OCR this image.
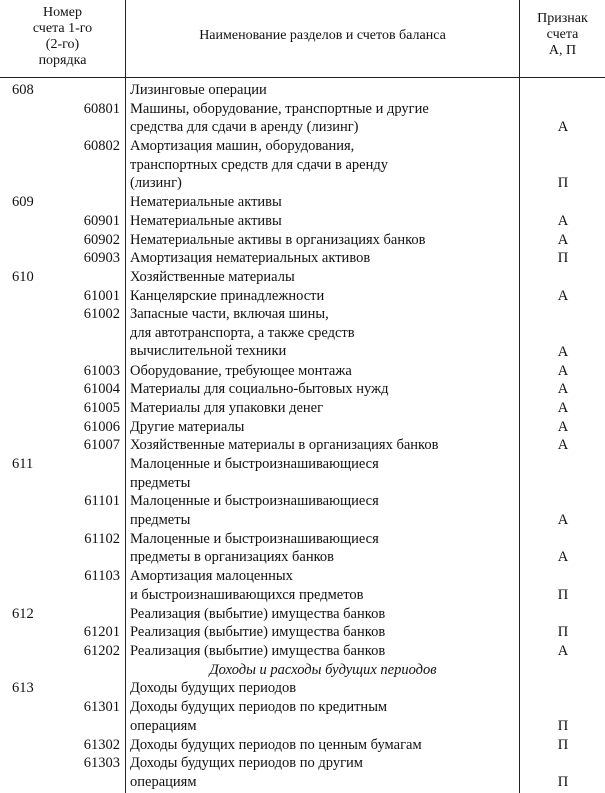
Номер
счета 1-го
(2-го)
порядка
Наименование разделов и счетов баланса
Признак
счета
А, П
608	Лизинговые операции
60801 Машины, оборудование, транспортные и другие
средства для сдачи в аренду (лизинг)	А
60802 Амортизация машин, оборудования,
транспортных средств для сдачи в аренду
(лизинг)	П
609	Нематериальные активы
60901 Нематериальные активы	А
60902 Нематериальные активы в организациях банков	А
60903 Амортизация нематериальных активов	П
610	Хозяйственные материалы
61001 Канцелярские принадлежности	А
61002 Запасные части, включая шины,
для автотранспорта, а также средств
вычислительной техники	А
61003 Оборудование, требующее монтажа	А
61004 Материалы для социально-бытовых нужд	А
61005 Материалы для упаковки денег	А
61006 Другие материалы	А
61007 Хозяйственные материалы в организациях банков	А
611	Малоценные и быстроизнашивающиеся
предметы
61101 Малоценные и быстроизнашивающиеся
предметы	А
61102 Малоценные и быстроизнашивающиеся
предметы в организациях банков	А
61103 Амортизация малоценных
и быстроизнашивающихся предметов	П
612	Реализация (выбытие) имущества банков
61201 Реализация (выбытие) имущества банков	П
61202 Реализация (выбытие) имущества банков	А
Доходы и расходы будущих периодов
613	Доходы будущих периодов
61301 Доходы будущих периодов по кредитным
операциям	П
61302 Доходы будущих периодов по ценным бумагам	П
61303 Доходы будущих периодов по другим
операциям	П
